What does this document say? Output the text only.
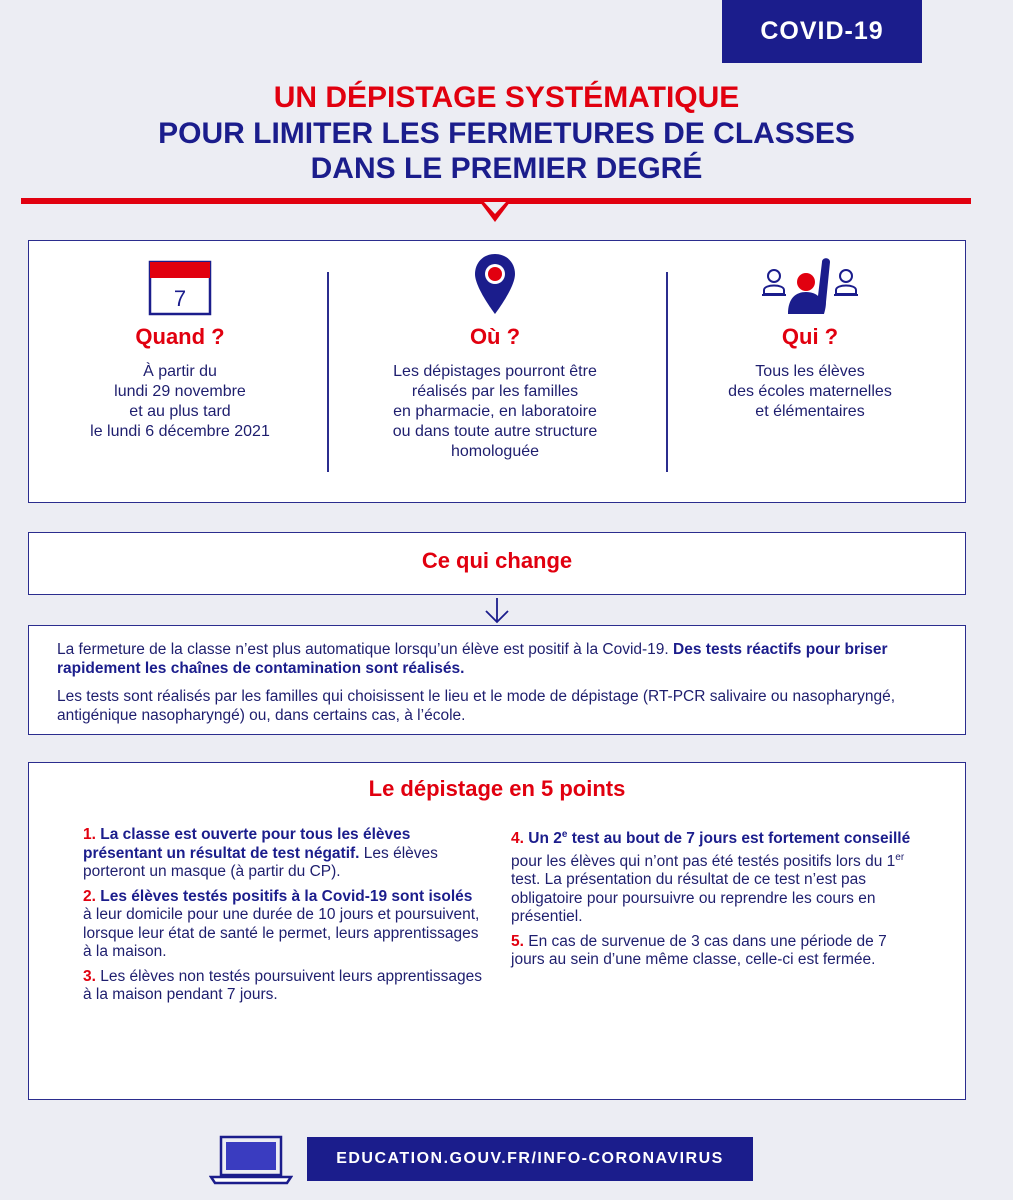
COVID-19
UN DÉPISTAGE SYSTÉMATIQUE
POUR LIMITER LES FERMETURES DE CLASSES
DANS LE PREMIER DEGRÉ
7
Quand ?
À partir du
lundi 29 novembre
et au plus tard
le lundi 6 décembre 2021
Où ?
Les dépistages pourront être
réalisés par les familles
en pharmacie, en laboratoire
ou dans toute autre structure
homologuée
Qui ?
Tous les élèves
des écoles maternelles
et élémentaires
Ce qui change
La fermeture de la classe n’est plus automatique lorsqu’un élève est positif à la Covid-19. Des tests réactifs pour briser rapidement les chaînes de contamination sont réalisés.
Les tests sont réalisés par les familles qui choisissent le lieu et le mode de dépistage (RT-PCR salivaire ou nasopharyngé, antigénique nasopharyngé) ou, dans certains cas, à l’école.
Le dépistage en 5 points

1. La classe est ouverte pour tous les élèves présentant un résultat de test négatif. Les élèves porteront un masque (à partir du CP).

2. Les élèves testés positifs à la Covid-19 sont isolés à leur domicile pour une durée de 10 jours et poursuivent, lorsque leur état de santé le permet, leurs apprentissages à la maison.

3. Les élèves non testés poursuivent leurs apprentissages à la maison pendant 7 jours.

4. Un 2e test au bout de 7 jours est fortement conseillé pour les élèves qui n’ont pas été testés positifs lors du 1er test. La présentation du résultat de ce test n’est pas obligatoire pour poursuivre ou reprendre les cours en présentiel.

5. En cas de survenue de 3 cas dans une période de 7 jours au sein d’une même classe, celle-ci est fermée.

EDUCATION.GOUV.FR/INFO-CORONAVIRUS
